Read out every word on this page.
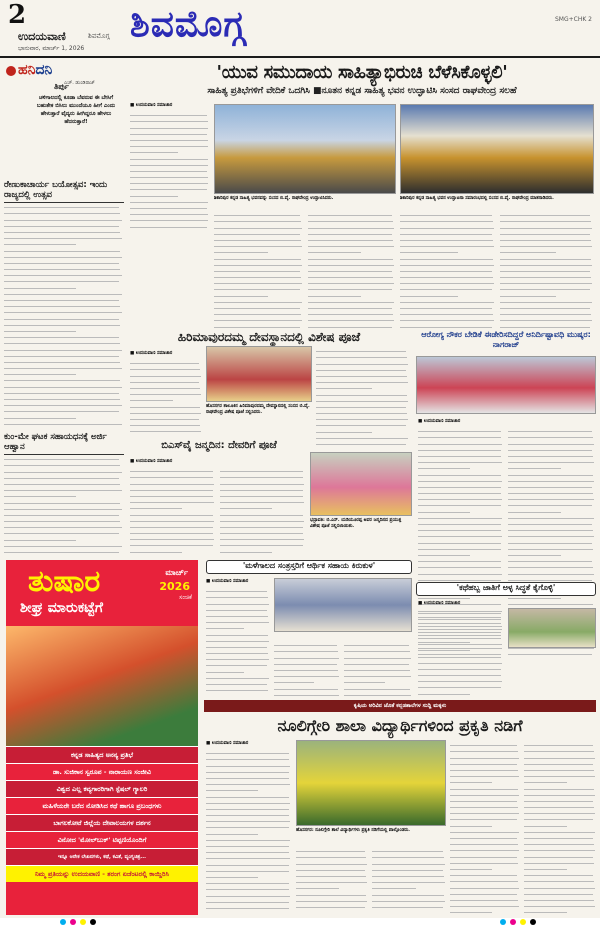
2
ಉದಯವಾಣಿ	ಶಿವಮೊಗ್ಗ
ಭಾನುವಾರ, ಮಾರ್ಚ್ 1, 2026
ಶಿವಮೊಗ್ಗ	SMG+CHK 2
ಹನಿದನಿ
ಎಚ್. ಡುಂಡಿರಾಜ್
ತಿರ್ಪು
ಚಳಿಗಾಲದಲ್ಲಿ ಕೂಡಾ ಬೆವರುವ ಈ ಬೇಸಿಗೆ ಬಹುತೇಕ ಬಿಸಿಲು ಮುಂದೆಯೂ ಹೀಗೆ ಎಂದು ಹೇಳುತ್ತಾರೆ ವೈದ್ಯರು ಹೀಗಿದ್ದರೂ ಹೇಳಲು ಹೆದರುತ್ತಾರೆ!
ರೇಣುಕಾಚಾರ್ಯ ಬಯೋತ್ಸವ: ಇಂದು ರಾಜ್ಯದಲ್ಲಿ ಉತ್ಸವ
ಕುಂ-ಮೇ ಘಟಕ ಸಹಾಯಧನಕ್ಕೆ ಅರ್ಜಿ ಆಹ್ವಾನ
'ಯುವ ಸಮುದಾಯ ಸಾಹಿತ್ಯಾಭಿರುಚಿ ಬೆಳೆಸಿಕೊಳ್ಳಲಿ'
ಸಾಹಿತ್ಯ ಪ್ರತಿಭೆಗಳಿಗೆ ವೇದಿಕೆ ಒದಗಿಸಿ ■ನೂತನ ಕನ್ನಡ ಸಾಹಿತ್ಯ ಭವನ ಉದ್ಘಾಟಿಸಿ ಸಂಸದ ರಾಘವೇಂದ್ರ ಸಲಹೆ
■ ಉದಯವಾಣಿ ಸಮಾಚಾರ
ಶಿಕಾರಿಪುರ ಕನ್ನಡ ಸಾಹಿತ್ಯ ಭವನವನ್ನು ಸಂಸದ ಬಿ.ವೈ. ರಾಘವೇಂದ್ರ ಉದ್ಘಾಟಿಸಿದರು.	ಶಿಕಾರಿಪುರ ಕನ್ನಡ ಸಾಹಿತ್ಯ ಭವನ ಉದ್ಘಾಟನಾ ಸಮಾರಂಭದಲ್ಲಿ ಸಂಸದ ಬಿ.ವೈ. ರಾಘವೇಂದ್ರ ಮಾತನಾಡಿದರು.
ಹಿರಿಮಾವುರದಮ್ಮ ದೇವಸ್ಥಾನದಲ್ಲಿ ವಿಶೇಷ ಪೂಜೆ
■ ಉದಯವಾಣಿ ಸಮಾಚಾರ
ಹೊಸನಗರ ತಾಲೂಕಿನ ಹಿರಿಮಾವುರದಮ್ಮ ದೇವಸ್ಥಾನದಲ್ಲಿ ಸಂಸದ ಬಿ.ವೈ. ರಾಘವೇಂದ್ರ ವಿಶೇಷ ಪೂಜೆ ಸಲ್ಲಿಸಿದರು.
ಆರೋಗ್ಯ ನೌಕರ ಬೇಡಿಕೆ ಈಡೇರಿಸದಿದ್ದರೆ ಅನಿರ್ದಿಷ್ಟಾವಧಿ ಮುಷ್ಕರ: ನಾಗರಾಜ್
■ ಉದಯವಾಣಿ ಸಮಾಚಾರ
ಬಿಎಸ್‌ವೈ ಜನ್ಮದಿನ: ದೇವರಿಗೆ ಪೂಜೆ
■ ಉದಯವಾಣಿ ಸಮಾಚಾರ
ಭದ್ರಾವತಿ: ಬಿ.ಎಸ್. ಯಡಿಯೂರಪ್ಪ ಅವರ ಜನ್ಮದಿನದ ಪ್ರಯುಕ್ತ ವಿಶೇಷ ಪೂಜೆ ಸಲ್ಲಿಸಲಾಯಿತು.
'ಮಳೆಗಾಲದ ಸಂತ್ರಸ್ತರಿಗೆ ಆರ್ಥಿಕ ಸಹಾಯ ಕಿರುಕುಳ'
■ ಉದಯವಾಣಿ ಸಮಾಚಾರ
'ಕಥೆಹಬ್ಬ ಜಾತಿಗೆ ಅಳ್ಳ ಸಿದ್ಧತೆ ಕೈಗೊಳ್ಳಿ'
■ ಉದಯವಾಣಿ ಸಮಾಚಾರ
ಕೃಷಿಯ ಅರಿವಿನ ಜೊತೆ ಕನ್ನಡಶಾಲೆಗಳ ಸುದ್ದಿ ಮಕ್ಕಳು
ನೂಲಿಗ್ಗೇರಿ ಶಾಲಾ ವಿದ್ಯಾರ್ಥಿಗಳಿಂದ ಪ್ರಕೃತಿ ನಡಿಗೆ
■ ಉದಯವಾಣಿ ಸಮಾಚಾರ
ಹೊಸನಗರ: ನೂಲಿಗ್ಗೇರಿ ಶಾಲೆ ವಿದ್ಯಾರ್ಥಿಗಳು ಪ್ರಕೃತಿ ನಡಿಗೆಯಲ್ಲಿ ಪಾಲ್ಗೊಂಡರು.
ತುಷಾರ	ಮಾರ್ಚ್
2026
ಸಂಚಿಕೆ
ಶೀಘ್ರ ಮಾರುಕಟ್ಟೆಗೆ
ಕನ್ನಡ ಸಾಹಿತ್ಯದ ಅನನ್ಯ ಪ್ರತಿಭೆ
ಡಾ. ಸುಜಿಕಾನ ಸ್ವರೂಪ - ನಾರಾಯಣ ಸಂಜೀವಿ
ವಿಶ್ವದ ಎಲ್ಲ ಕವ್ಯಗಾರರಿಗಾಗಿ ಸ್ಪೆಷಲ್ ಗ್ಯಾಲರಿ
ಮಹಿಳೆಯರೇ ಬರೆದ ನೋಡಿಸಿದ ಕಥೆ ಹಾಗೂ ಪ್ರಬಂಧಗಳು
ಬಾಗಲಕೋಟೆ ಜಿಲ್ಲೆಯ ದೇವಾಲಯಗಳ ದರ್ಶನ
ವಿನೋದ 'ಮೋಲ್‌ಬುಕ್' ಟಿಪ್ಪಣಿಯೊಂದಿಗೆ
ಇನ್ನೂ ಅನೇಕ ಲೇಖನಗಳು, ಕಥೆ, ಕವಿತೆ, ವ್ಯಂಗ್ಯಚಿತ್ರ...
ನಿಮ್ಮ ಪ್ರತಿಯನ್ನು ಉದಯವಾಣಿ - ತರಂಗ ಏಜೆಂಟರಲ್ಲಿ ಕಾಯ್ದಿರಿಸಿ
